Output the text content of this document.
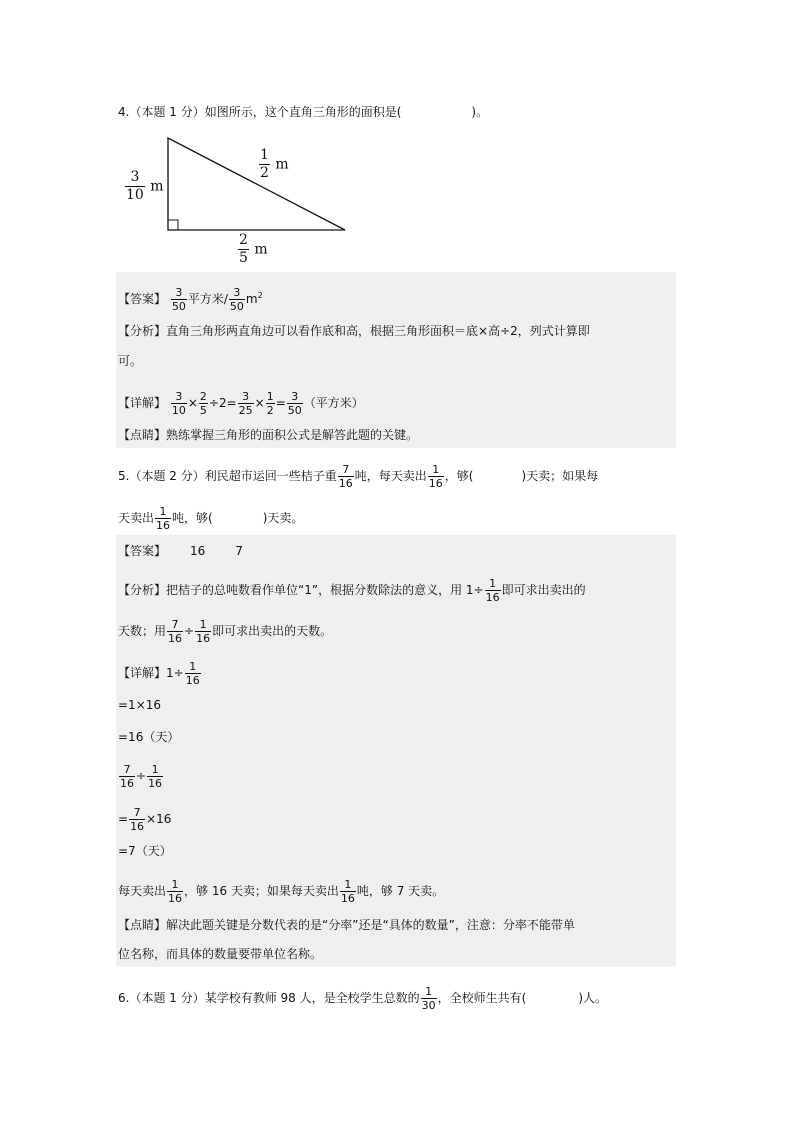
4.（本题 1 分）如图所示，这个直角三角形的面积是(	)。
$\frac{3}{10}$ m
$\frac{1}{2}$ m
$\frac{2}{5}$ m
【答案】 $\frac{3}{50}$ 平方米/ $\frac{3}{50} m^2$
【分析】直角三角形两直角边可以看作底和高，根据三角形面积＝底×高÷2，列式计算即
可。
【详解】 $\frac{3}{10} \times \frac{2}{5} \div 2= \frac{3}{25} \times \frac{1}{2} = \frac{3}{50}$ （平方米）
【点睛】熟练掌握三角形的面积公式是解答此题的关键。
5.（本题 2 分）利民超市运回一些桔子重 $\frac{7}{16}$ 吨，每天卖出 $\frac{1}{16}$ ，够(	)天卖；如果每
天卖出 $\frac{1}{16}$ 吨，够(	)天卖。
【答案】 16	7
【分析】把桔子的总吨数看作单位“1”，根据分数除法的意义，用 $1\div \frac{1}{16}$ 即可求出卖出的
天数；用 $\frac{7}{16} \div \frac{1}{16}$ 即可求出卖出的天数。
【详解】$1\div \frac{1}{16}$
=1×16
=16（天）
$\frac{7}{16} \div \frac{1}{16}$
= $\frac{7}{16} \times 16$
=7（天）
每天卖出 $\frac{1}{16}$ ，够 16 天卖；如果每天卖出 $\frac{1}{16}$ 吨，够 7 天卖。
【点睛】解决此题关键是分数代表的是“分率”还是“具体的数量”，注意：分率不能带单
位名称，而具体的数量要带单位名称。
6.（本题 1 分）某学校有教师 98 人，是全校学生总数的 $\frac{1}{30}$ ，全校师生共有(	)人。
